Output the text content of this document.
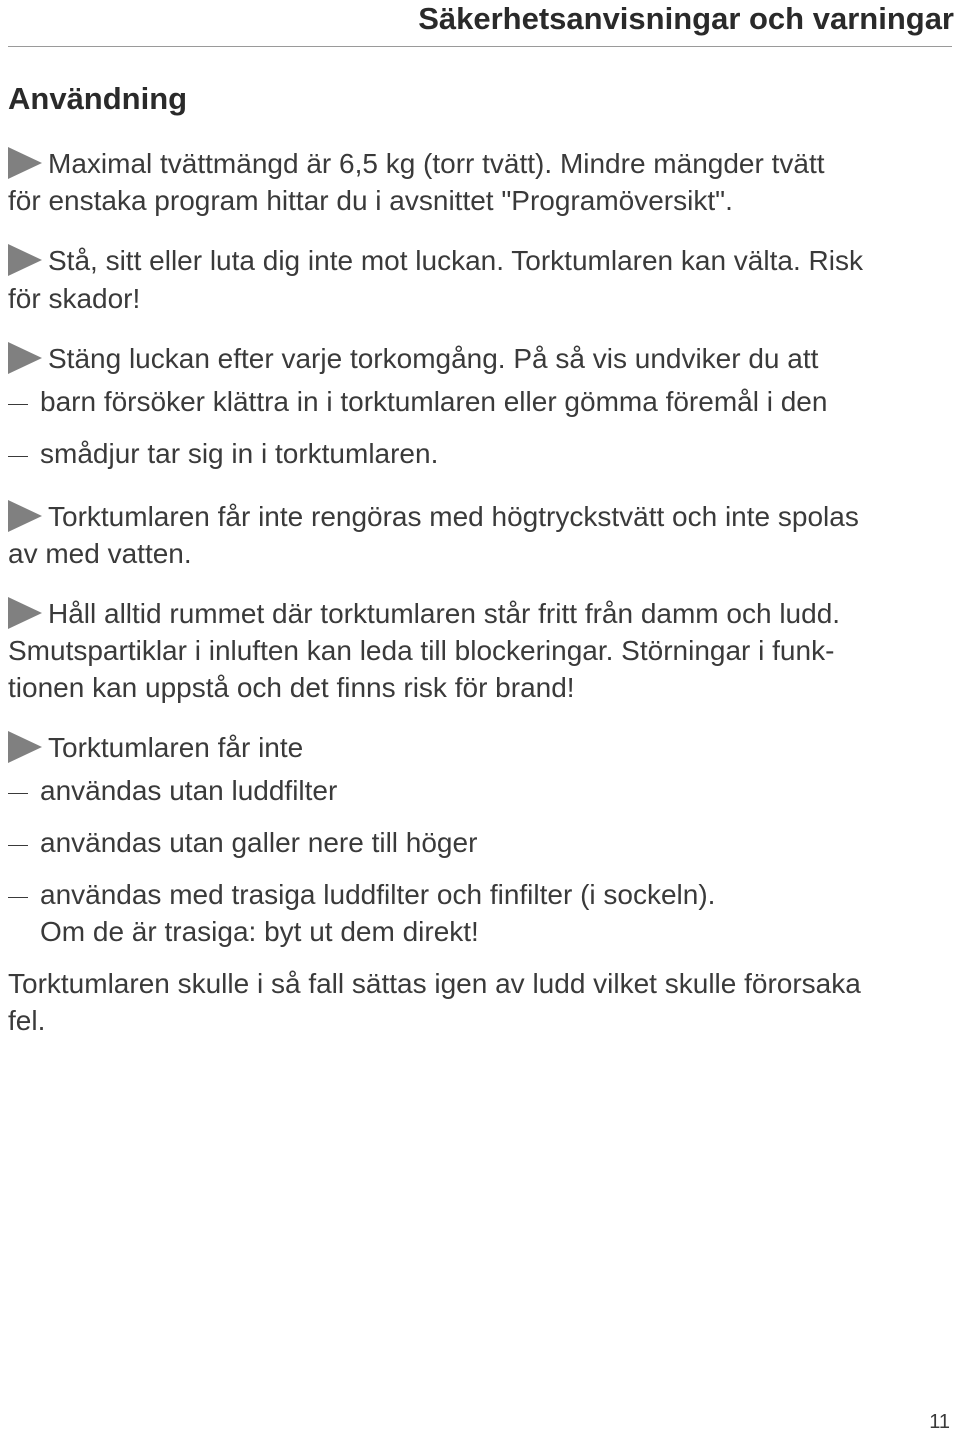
Säkerhetsanvisningar och varningar
Användning
Maximal tvättmängd är 6,5 kg (torr tvätt). Mindre mängder tvätt
för enstaka program hittar du i avsnittet "Programöversikt".
Stå, sitt eller luta dig inte mot luckan. Torktumlaren kan välta. Risk
för skador!
Stäng luckan efter varje torkomgång. På så vis undviker du att
barn försöker klättra in i torktumlaren eller gömma föremål i den
smådjur tar sig in i torktumlaren.
Torktumlaren får inte rengöras med högtryckstvätt och inte spolas
av med vatten.
Håll alltid rummet där torktumlaren står fritt från damm och ludd.
Smutspartiklar i inluften kan leda till blockeringar. Störningar i funk-
tionen kan uppstå och det finns risk för brand!
Torktumlaren får inte
användas utan luddfilter
användas utan galler nere till höger
användas med trasiga luddfilter och finfilter (i sockeln).
Om de är trasiga: byt ut dem direkt!
Torktumlaren skulle i så fall sättas igen av ludd vilket skulle förorsaka
fel.
11
